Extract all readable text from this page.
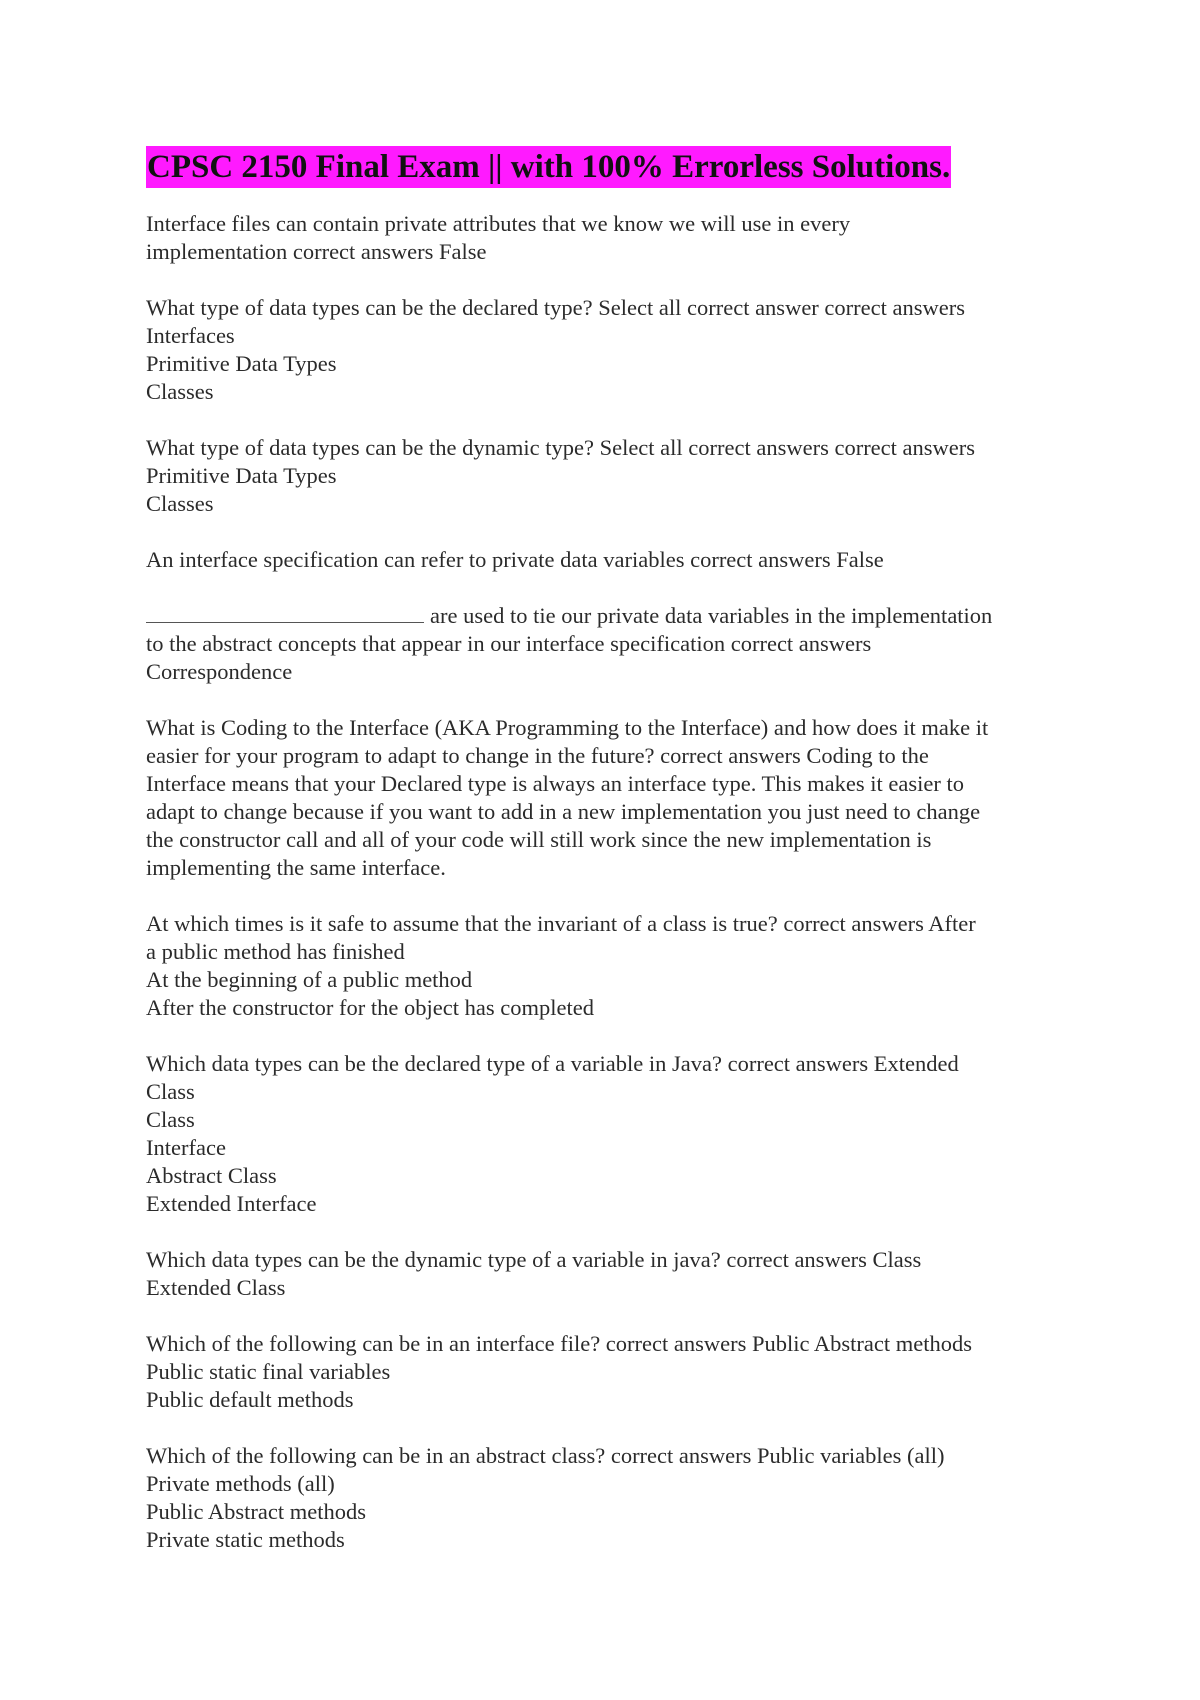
CPSC 2150 Final Exam || with 100% Errorless Solutions.
Interface files can contain private attributes that we know we will use in every
implementation correct answers False
What type of data types can be the declared type? Select all correct answer correct answers
Interfaces
Primitive Data Types
Classes
What type of data types can be the dynamic type? Select all correct answers correct answers
Primitive Data Types
Classes
An interface specification can refer to private data variables correct answers False
are used to tie our private data variables in the implementation
to the abstract concepts that appear in our interface specification correct answers
Correspondence
What is Coding to the Interface (AKA Programming to the Interface) and how does it make it
easier for your program to adapt to change in the future? correct answers Coding to the
Interface means that your Declared type is always an interface type. This makes it easier to
adapt to change because if you want to add in a new implementation you just need to change
the constructor call and all of your code will still work since the new implementation is
implementing the same interface.
At which times is it safe to assume that the invariant of a class is true? correct answers After
a public method has finished
At the beginning of a public method
After the constructor for the object has completed
Which data types can be the declared type of a variable in Java? correct answers Extended
Class
Class
Interface
Abstract Class
Extended Interface
Which data types can be the dynamic type of a variable in java? correct answers Class
Extended Class
Which of the following can be in an interface file? correct answers Public Abstract methods
Public static final variables
Public default methods
Which of the following can be in an abstract class? correct answers Public variables (all)
Private methods (all)
Public Abstract methods
Private static methods
